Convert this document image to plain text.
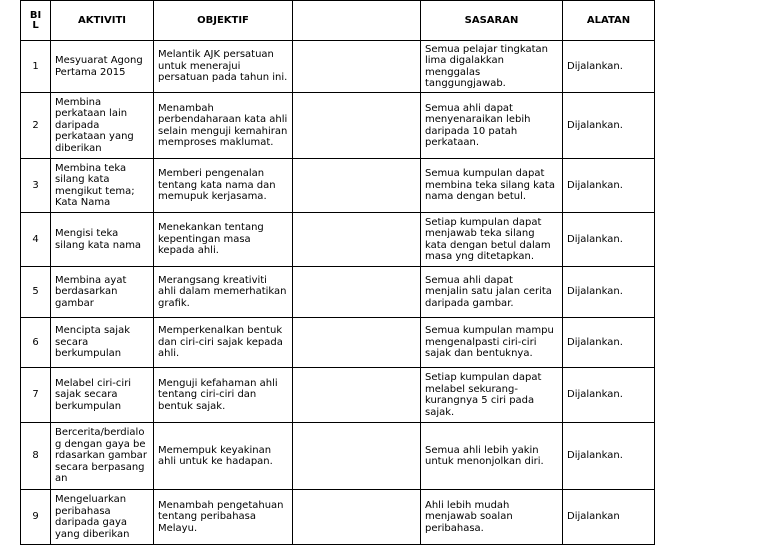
BIL	AKTIVITI	OBJEKTIF		SASARAN	ALATAN
1	Mesyuarat Agong Pertama 2015	Melantik AJK persatuan untuk menerajui persatuan pada tahun ini.		Semua pelajar tingkatan lima digalakkan menggalas tanggungjawab.	Dijalankan.
2	Membina perkataan lain daripada perkataan yang diberikan	Menambah perbendaharaan kata ahli selain menguji kemahiran memproses maklumat.		Semua ahli dapat menyenaraikan lebih daripada 10 patah perkataan.	Dijalankan.
3	Membina teka silang kata mengikut tema; Kata Nama	Memberi pengenalan tentang kata nama dan memupuk kerjasama.		Semua kumpulan dapat membina teka silang kata nama dengan betul.	Dijalankan.
4	Mengisi teka silang kata nama	Menekankan tentang kepentingan masa kepada ahli.		Setiap kumpulan dapat menjawab teka silang kata dengan betul dalam masa yng ditetapkan.	Dijalankan.
5	Membina ayat berdasarkan gambar	Merangsang kreativiti ahli dalam memerhatikan grafik.		Semua ahli dapat menjalin satu jalan cerita daripada gambar.	Dijalankan.
6	Mencipta sajak secara berkumpulan	Memperkenalkan bentuk dan ciri-ciri sajak kepada ahli.		Semua kumpulan mampu mengenalpasti ciri-ciri sajak dan bentuknya.	Dijalankan.
7	Melabel ciri-ciri sajak secara berkumpulan	Menguji kefahaman ahli tentang ciri-ciri dan bentuk sajak.		Setiap kumpulan dapat melabel sekurang-kurangnya 5 ciri pada sajak.	Dijalankan.
8	Bercerita/berdialog dengan gaya berdasarkan gambar secara berpasangan	Memempuk keyakinan ahli untuk ke hadapan.		Semua ahli lebih yakin untuk menonjolkan diri.	Dijalankan.
9	Mengeluarkan peribahasa daripada gaya yang diberikan	Menambah pengetahuan tentang peribahasa Melayu.		Ahli lebih mudah menjawab soalan peribahasa.	Dijalankan
